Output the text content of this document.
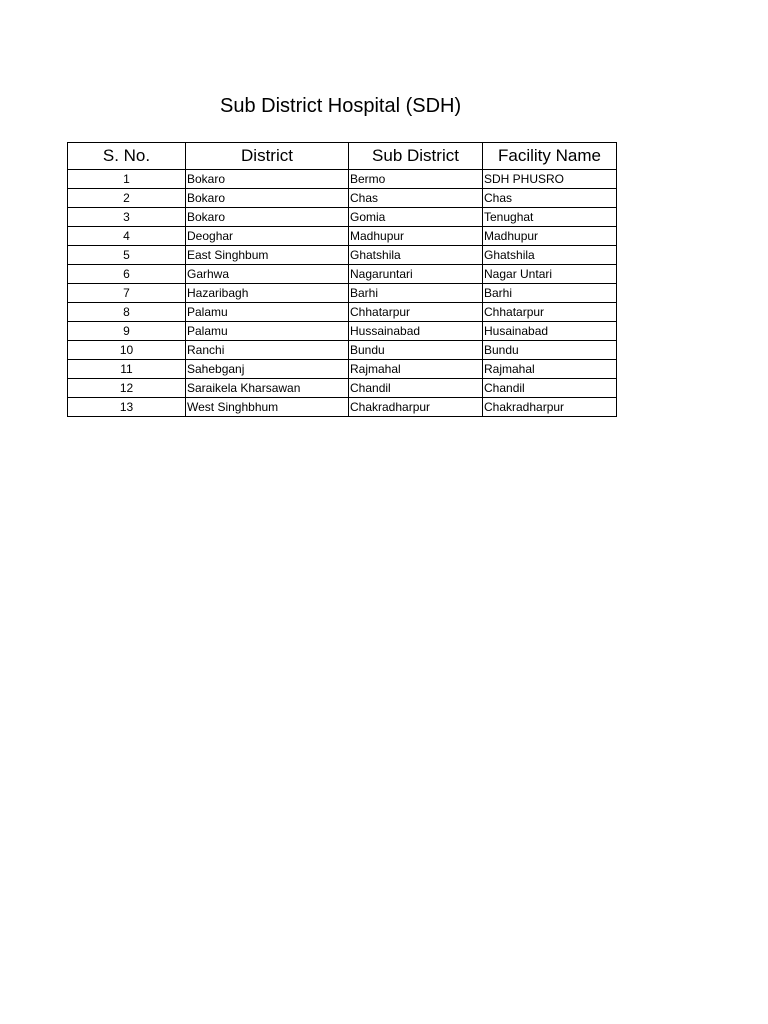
Sub District Hospital (SDH)
S. No.	District	Sub District	Facility Name
1	Bokaro	Bermo	SDH PHUSRO
2	Bokaro	Chas	Chas
3	Bokaro	Gomia	Tenughat
4	Deoghar	Madhupur	Madhupur
5	East Singhbum	Ghatshila	Ghatshila
6	Garhwa	Nagaruntari	Nagar Untari
7	Hazaribagh	Barhi	Barhi
8	Palamu	Chhatarpur	Chhatarpur
9	Palamu	Hussainabad	Husainabad
10	Ranchi	Bundu	Bundu
11	Sahebganj	Rajmahal	Rajmahal
12	Saraikela Kharsawan	Chandil	Chandil
13	West Singhbhum	Chakradharpur	Chakradharpur
